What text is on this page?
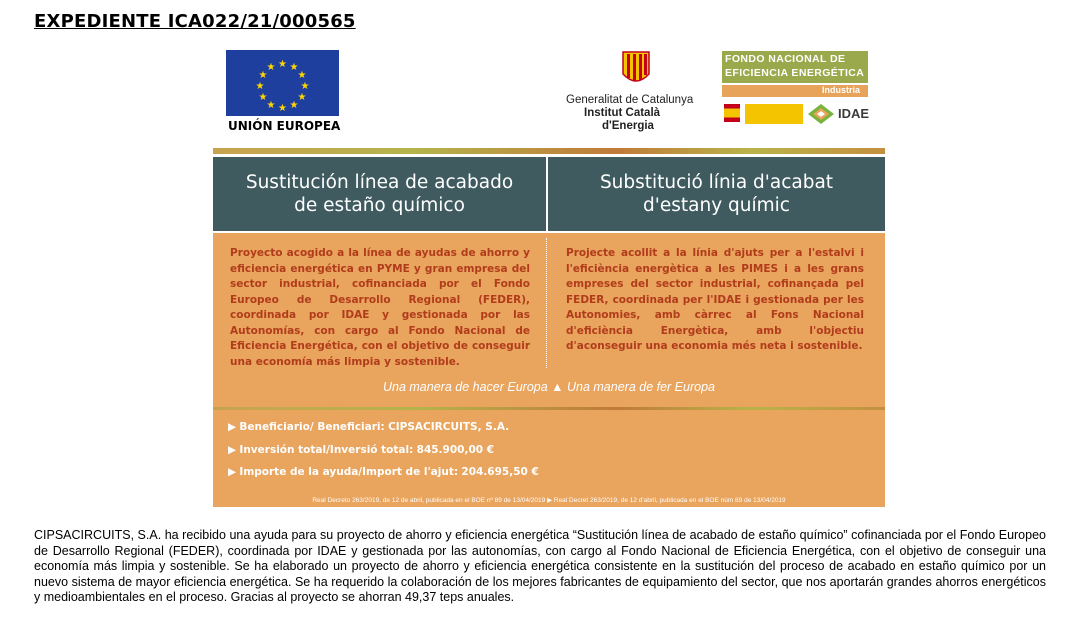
EXPEDIENTE ICA022/21/000565
★ ★
★
★
★
★
★
★
★
★
★
★
UNIÓN EUROPEA
Generalitat de Catalunya
Institut Català
d'Energia
FONDO NACIONAL DE
EFICIENCIA ENERGÉTICA
Industria
IDAE
Sustitución línea de acabado
de estaño químico
Substitució línia d'acabat
d'estany químic
Proyecto acogido a la línea de ayudas de ahorro y eficiencia energética en PYME y gran empresa del sector industrial, cofinanciada por el Fondo Europeo de Desarrollo Regional (FEDER), coordinada por IDAE y gestionada por las Autonomías, con cargo al Fondo Nacional de Eficiencia Energética, con el objetivo de conseguir una economía más limpia y sostenible.
Projecte acollit a la línia d'ajuts per a l'estalvi i l'eficiència energètica a les PIMES i a les grans empreses del sector industrial, cofinançada pel FEDER, coordinada per l'IDAE i gestionada per les Autonomies, amb càrrec al Fons Nacional d'eficiència Energètica, amb l'objectiu d'aconseguir una economia més neta i sostenible.
Una manera de hacer Europa ▲ Una manera de fer Europa
▶ Beneficiario/ Beneficiari: CIPSACIRCUITS, S.A.
▶ Inversión total/Inversió total: 845.900,00 €
▶ Importe de la ayuda/Import de l'ajut: 204.695,50 €
Real Decreto 263/2019, de 12 de abril, publicada en el BOE nº 89 de 13/04/2019 ▶ Real Decret 263/2019, de 12 d'abril, publicada en el BOE núm 89 de 13/04/2019
CIPSACIRCUITS, S.A. ha recibido una ayuda para su proyecto de ahorro y eficiencia energética “Sustitución línea de acabado de estaño químico” cofinanciada por el Fondo Europeo de Desarrollo Regional (FEDER), coordinada por IDAE y gestionada por las autonomías, con cargo al Fondo Nacional de Eficiencia Energética, con el objetivo de conseguir una economía más limpia y sostenible. Se ha elaborado un proyecto de ahorro y eficiencia energética consistente en la sustitución del proceso de acabado en estaño químico por un nuevo sistema de mayor eficiencia energética. Se ha requerido la colaboración de los mejores fabricantes de equipamiento del sector, que nos aportarán grandes ahorros energéticos y medioambientales en el proceso. Gracias al proyecto se ahorran 49,37 teps anuales.
